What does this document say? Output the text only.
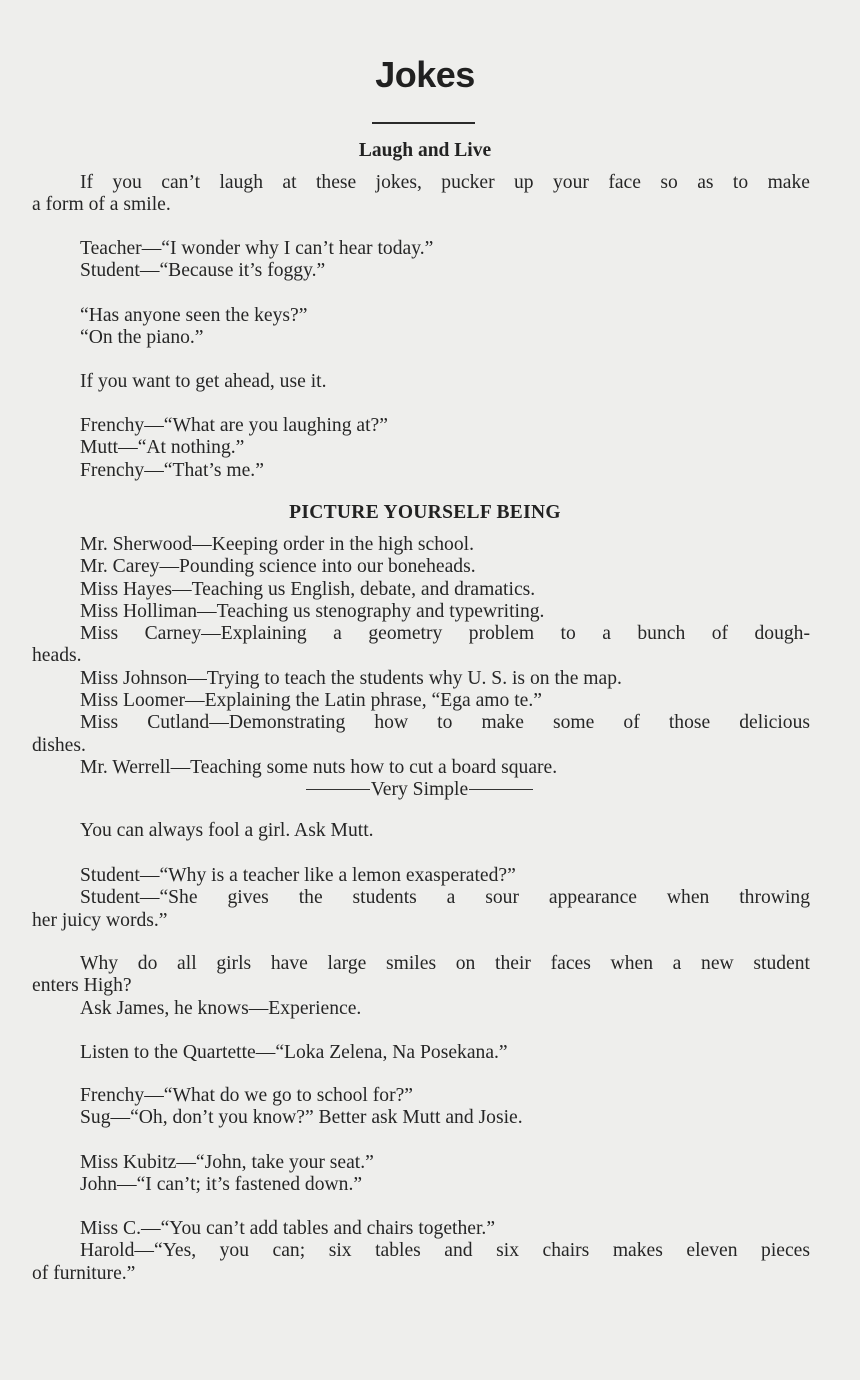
Jokes
Laugh and Live
If you can’t laugh at these jokes, pucker up your face so as to make
a form of a smile.
Teacher—“I wonder why I can’t hear today.”
Student—“Because it’s foggy.”
“Has anyone seen the keys?”
“On the piano.”
If you want to get ahead, use it.
Frenchy—“What are you laughing at?”
Mutt—“At nothing.”
Frenchy—“That’s me.”
PICTURE YOURSELF BEING
Mr. Sherwood—Keeping order in the high school.
Mr. Carey—Pounding science into our boneheads.
Miss Hayes—Teaching us English, debate, and dramatics.
Miss Holliman—Teaching us stenography and typewriting.
Miss Carney—Explaining a geometry problem to a bunch of dough-
heads.
Miss Johnson—Trying to teach the students why U. S. is on the map.
Miss Loomer—Explaining the Latin phrase, “Ega amo te.”
Miss Cutland—Demonstrating how to make some of those delicious
dishes.
Mr. Werrell—Teaching some nuts how to cut a board square.
Very Simple
You can always fool a girl. Ask Mutt.
Student—“Why is a teacher like a lemon exasperated?”
Student—“She gives the students a sour appearance when throwing
her juicy words.”
Why do all girls have large smiles on their faces when a new student
enters High?
Ask James, he knows—Experience.
Listen to the Quartette—“Loka Zelena, Na Posekana.”
Frenchy—“What do we go to school for?”
Sug—“Oh, don’t you know?” Better ask Mutt and Josie.
Miss Kubitz—“John, take your seat.”
John—“I can’t; it’s fastened down.”
Miss C.—“You can’t add tables and chairs together.”
Harold—“Yes, you can; six tables and six chairs makes eleven pieces
of furniture.”
